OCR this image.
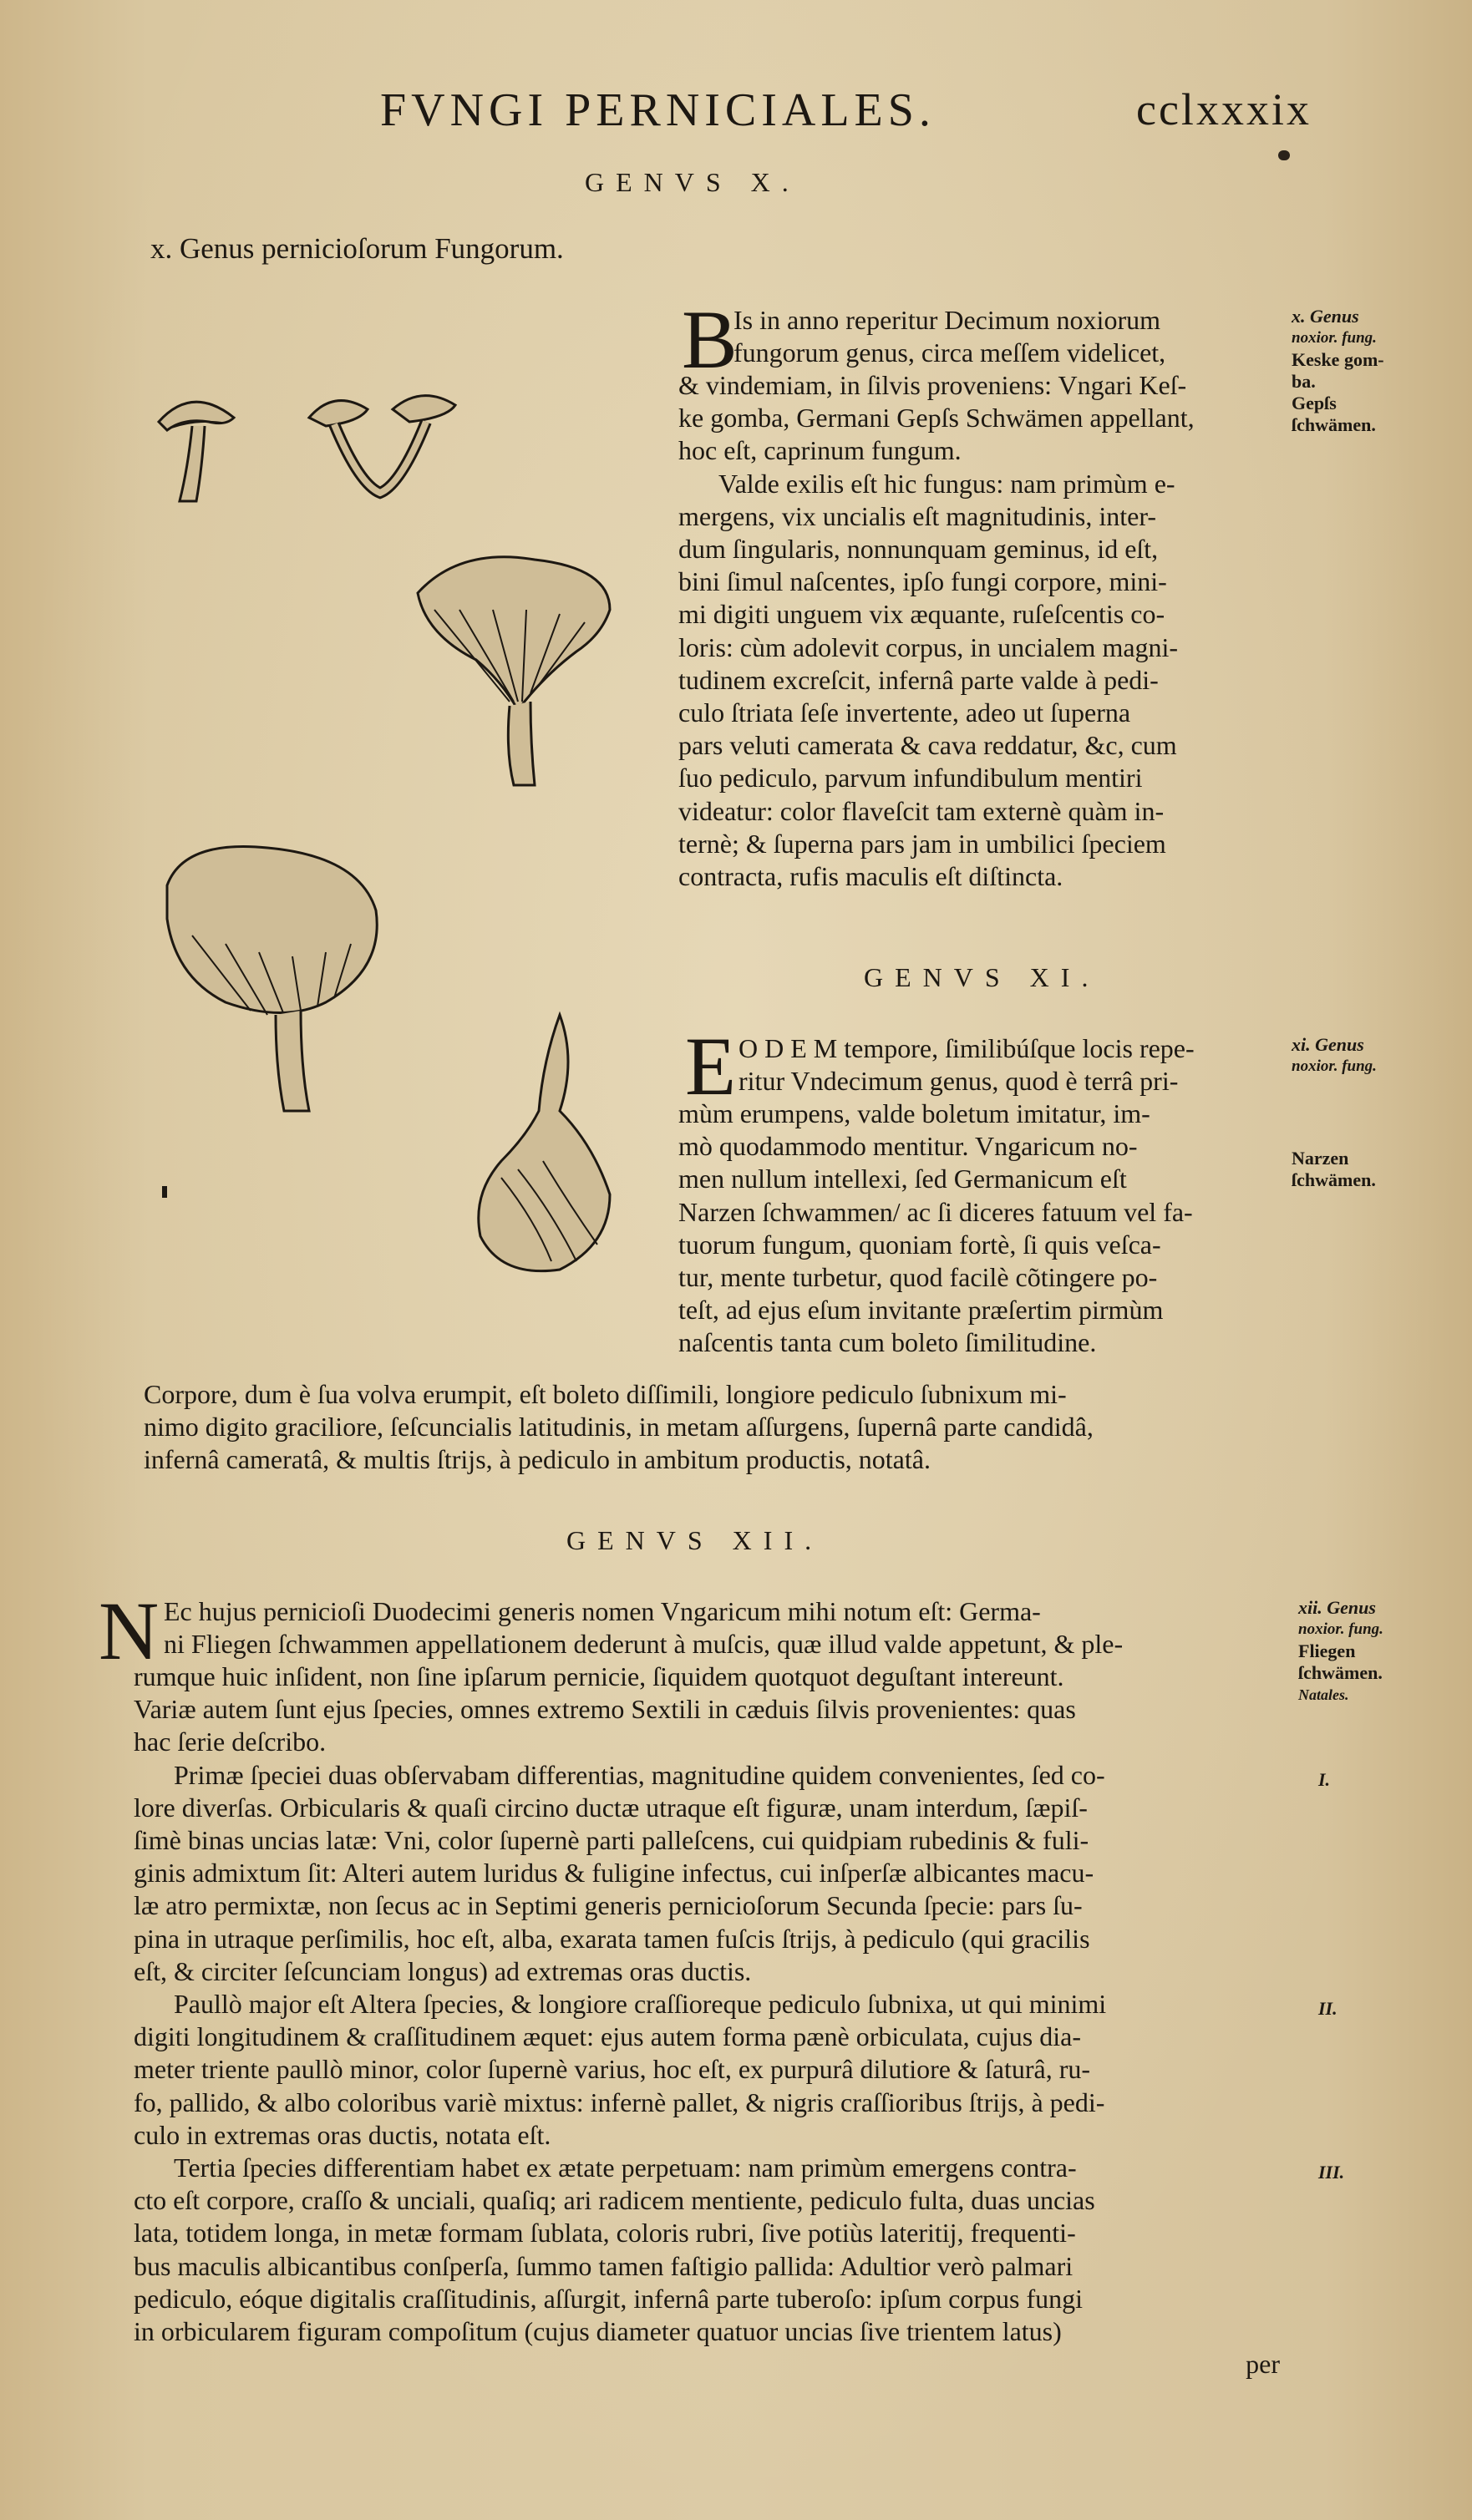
FVNGI PERNICIALES.	cclxxxix
GENVS X.
x. Genus pernicioſorum Fungorum.
B
Is in anno reperitur Decimum noxiorum
fungorum genus, circa meſſem videlicet,
& vindemiam, in ſilvis proveniens: Vngari Keſ-
ke gomba, Germani Gepſs Schwämen appellant,
hoc eſt, caprinum fungum.
Valde exilis eſt hic fungus: nam primùm e-
mergens, vix uncialis eſt magnitudinis, inter-
dum ſingularis, nonnunquam geminus, id eſt,
bini ſimul naſcentes, ipſo fungi corpore, mini-
mi digiti unguem vix æquante, ruſeſcentis co-
loris: cùm adolevit corpus, in uncialem magni-
tudinem excreſcit, infernâ parte valde à pedi-
culo ſtriata ſeſe invertente, adeo ut ſuperna
pars veluti camerata & cava reddatur, &c, cum
ſuo pediculo, parvum infundibulum mentiri
videatur: color flaveſcit tam externè quàm in-
ternè; & ſuperna pars jam in umbilici ſpeciem
contracta, rufis maculis eſt diſtincta.
x. Genus
noxior. fung.
Keske gom-
ba.
Gepſs
ſchwämen.
GENVS XI.
E O D E M tempore, ſimilibúſque locis repe-
ritur Vndecimum genus, quod è terrâ pri-
mùm erumpens, valde boletum imitatur, im-
mò quodammodo mentitur. Vngaricum no-
men nullum intellexi, ſed Germanicum eſt
Narzen ſchwammen/ ac ſi diceres fatuum vel fa-
tuorum fungum, quoniam fortè, ſi quis veſca-
tur, mente turbetur, quod facilè cõtingere po-
teſt, ad ejus eſum invitante præſertim pirmùm
naſcentis tanta cum boleto ſimilitudine.
Corpore, dum è ſua volva erumpit, eſt boleto diſſimili, longiore pediculo ſubnixum mi-
nimo digito graciliore, ſeſcuncialis latitudinis, in metam aſſurgens, ſupernâ parte candidâ,
infernâ cameratâ, & multis ſtrijs, à pediculo in ambitum productis, notatâ.
xi. Genus
noxior. fung.
Narzen
ſchwämen.
GENVS XII.
N Ec hujus pernicioſi Duodecimi generis nomen Vngaricum mihi notum eſt: Germa-
ni Fliegen ſchwammen appellationem dederunt à muſcis, quæ illud valde appetunt, & ple-
rumque huic inſident, non ſine ipſarum pernicie, ſiquidem quotquot deguſtant intereunt.
Variæ autem ſunt ejus ſpecies, omnes extremo Sextili in cæduis ſilvis provenientes: quas
hac ſerie deſcribo.
Primæ ſpeciei duas obſervabam differentias, magnitudine quidem convenientes, ſed co-
lore diverſas. Orbicularis & quaſi circino ductæ utraque eſt figuræ, unam interdum, ſæpiſ-
ſimè binas uncias latæ: Vni, color ſupernè parti palleſcens, cui quidpiam rubedinis & fuli-
ginis admixtum ſit: Alteri autem luridus & fuligine infectus, cui inſperſæ albicantes macu-
læ atro permixtæ, non ſecus ac in Septimi generis pernicioſorum Secunda ſpecie: pars ſu-
pina in utraque perſimilis, hoc eſt, alba, exarata tamen fuſcis ſtrijs, à pediculo (qui gracilis
eſt, & circiter ſeſcunciam longus) ad extremas oras ductis.
Paullò major eſt Altera ſpecies, & longiore craſſioreque pediculo ſubnixa, ut qui minimi
digiti longitudinem & craſſitudinem æquet: ejus autem forma pænè orbiculata, cujus dia-
meter triente paullò minor, color ſupernè varius, hoc eſt, ex purpurâ dilutiore & ſaturâ, ru-
fo, pallido, & albo coloribus variè mixtus: infernè pallet, & nigris craſſioribus ſtrijs, à pedi-
culo in extremas oras ductis, notata eſt.
Tertia ſpecies differentiam habet ex ætate perpetuam: nam primùm emergens contra-
cto eſt corpore, craſſo & unciali, quaſiq; ari radicem mentiente, pediculo fulta, duas uncias
lata, totidem longa, in metæ formam ſublata, coloris rubri, ſive potiùs lateritij, frequenti-
bus maculis albicantibus conſperſa, ſummo tamen faſtigio pallida: Adultior verò palmari
pediculo, eóque digitalis craſſitudinis, aſſurgit, infernâ parte tuberoſo: ipſum corpus fungi
in orbicularem figuram compoſitum (cujus diameter quatuor uncias ſive trientem latus)
per
xii. Genus
noxior. fung.
Fliegen
ſchwämen.
Natales.
I.
II.
III.
